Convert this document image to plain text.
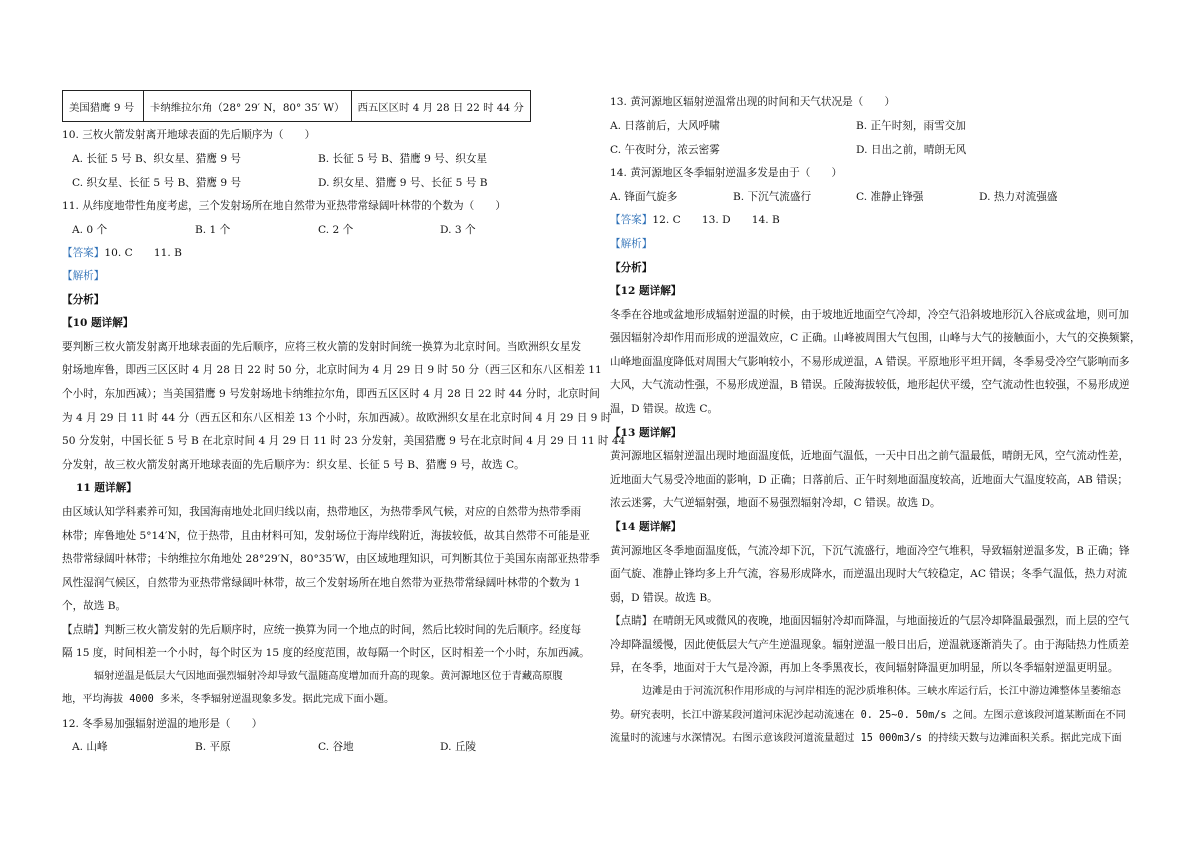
美国猎鹰 9 号	卡纳维拉尔角（28° 29′ N，80° 35′ W）	西五区区时 4 月 28 日 22 时 44 分
10. 三枚火箭发射离开地球表面的先后顺序为（　　）
A. 长征 5 号 B、织女星、猎鹰 9 号	B. 长征 5 号 B、猎鹰 9 号、织女星
C. 织女星、长征 5 号 B、猎鹰 9 号	D. 织女星、猎鹰 9 号、长征 5 号 B
11. 从纬度地带性角度考虑，三个发射场所在地自然带为亚热带常绿阔叶林带的个数为（　　）
A. 0 个	B. 1 个	C. 2 个	D. 3 个
【答案】10. C　　11. B
【解析】
【分析】
【10 题详解】
要判断三枚火箭发射离开地球表面的先后顺序，应将三枚火箭的发射时间统一换算为北京时间。当欧洲织女星发
射场地库鲁，即西三区区时 4 月 28 日 22 时 50 分，北京时间为 4 月 29 日 9 时 50 分（西三区和东八区相差 11
个小时，东加西减）；当美国猎鹰 9 号发射场地卡纳维拉尔角，即西五区区时 4 月 28 日 22 时 44 分时，北京时间
为 4 月 29 日 11 时 44 分（西五区和东八区相差 13 个小时，东加西减）。故欧洲织女星在北京时间 4 月 29 日 9 时
50 分发射，中国长征 5 号 B 在北京时间 4 月 29 日 11 时 23 分发射，美国猎鹰 9 号在北京时间 4 月 29 日 11 时 44
分发射，故三枚火箭发射离开地球表面的先后顺序为：织女星、长征 5 号 B、猎鹰 9 号，故选 C。
11 题详解】
由区域认知学科素养可知，我国海南地处北回归线以南，热带地区，为热带季风气候，对应的自然带为热带季雨
林带；库鲁地处 5°14′N，位于热带，且由材料可知，发射场位于海岸线附近，海拔较低，故其自然带不可能是亚
热带常绿阔叶林带；卡纳维拉尔角地处 28°29′N，80°35′W，由区域地理知识，可判断其位于美国东南部亚热带季
风性湿润气候区，自然带为亚热带常绿阔叶林带，故三个发射场所在地自然带为亚热带常绿阔叶林带的个数为 1
个，故选 B。
【点睛】判断三枚火箭发射的先后顺序时，应统一换算为同一个地点的时间，然后比较时间的先后顺序。经度每
隔 15 度，时间相差一个小时，每个时区为 15 度的经度范围，故每隔一个时区，区时相差一个小时，东加西减。
辐射逆温是低层大气因地面强烈辐射冷却导致气温随高度增加而升高的现象。黄河源地区位于青藏高原腹
地，平均海拔 4000 多米，冬季辐射逆温现象多发。据此完成下面小题。
12. 冬季易加强辐射逆温的地形是（　　）
A. 山峰	B. 平原	C. 谷地	D. 丘陵
13. 黄河源地区辐射逆温常出现的时间和天气状况是（　　）
A. 日落前后，大风呼啸	B. 正午时刻，雨雪交加
C. 午夜时分，浓云密雾	D. 日出之前，晴朗无风
14. 黄河源地区冬季辐射逆温多发是由于（　　）
A. 锋面气旋多	B. 下沉气流盛行	C. 准静止锋强	D. 热力对流强盛
【答案】12. C　　13. D　　14. B
【解析】
【分析】
【12 题详解】
冬季在谷地或盆地形成辐射逆温的时候，由于坡地近地面空气冷却，冷空气沿斜坡地形沉入谷底或盆地，则可加
强因辐射冷却作用而形成的逆温效应，C 正确。山峰被周围大气包围，山峰与大气的接触面小，大气的交换频繁，
山峰地面温度降低对周围大气影响较小，不易形成逆温，A 错误。平原地形平坦开阔，冬季易受冷空气影响而多
大风，大气流动性强，不易形成逆温，B 错误。丘陵海拔较低，地形起伏平缓，空气流动性也较强，不易形成逆
温，D 错误。故选 C。
【13 题详解】
黄河源地区辐射逆温出现时地面温度低，近地面气温低，一天中日出之前气温最低，晴朗无风，空气流动性差，
近地面大气易受冷地面的影响，D 正确；日落前后、正午时刻地面温度较高，近地面大气温度较高，AB 错误；
浓云迷雾，大气逆辐射强，地面不易强烈辐射冷却，C 错误。故选 D。
【14 题详解】
黄河源地区冬季地面温度低，气流冷却下沉，下沉气流盛行，地面冷空气堆积，导致辐射逆温多发，B 正确；锋
面气旋、准静止锋均多上升气流，容易形成降水，而逆温出现时大气较稳定，AC 错误；冬季气温低，热力对流
弱，D 错误。故选 B。
【点睛】在晴朗无风或微风的夜晚，地面因辐射冷却而降温，与地面接近的气层冷却降温最强烈，而上层的空气
冷却降温缓慢，因此使低层大气产生逆温现象。辐射逆温一般日出后，逆温就逐渐消失了。由于海陆热力性质差
异，在冬季，地面对于大气是冷源，再加上冬季黑夜长，夜间辐射降温更加明显，所以冬季辐射逆温更明显。
边滩是由于河流沉积作用形成的与河岸相连的泥沙质堆积体。三峡水库运行后，长江中游边滩整体呈萎缩态
势。研究表明，长江中游某段河道河床泥沙起动流速在 0. 25~0. 50m/s 之间。左图示意该段河道某断面在不同
流量时的流速与水深情况。右图示意该段河道流量超过 15 000m3/s 的持续天数与边滩面积关系。据此完成下面
